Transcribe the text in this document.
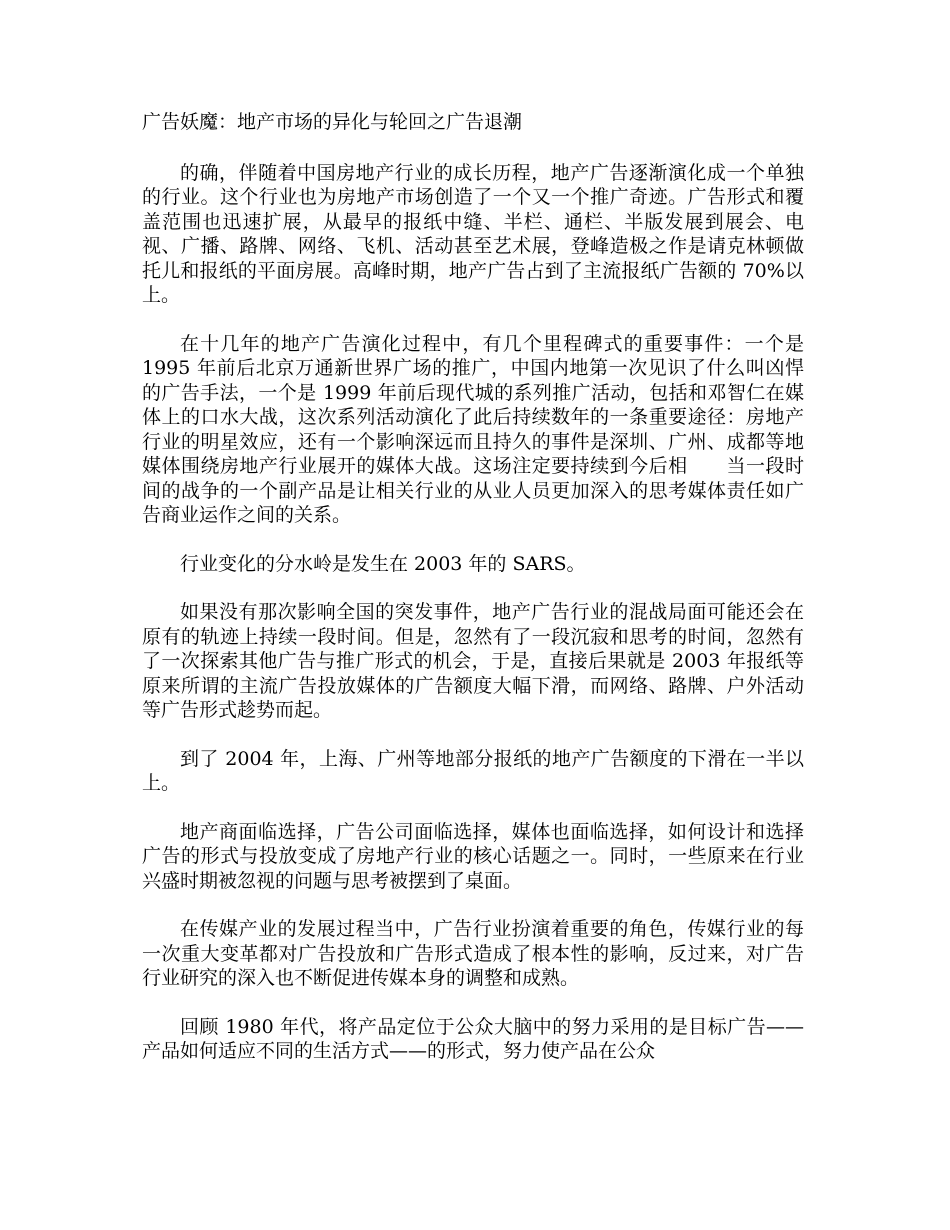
广告妖魔：地产市场的异化与轮回之广告退潮

的确，伴随着中国房地产行业的成长历程，地产广告逐渐演化成一个单独的行业。这个行业也为房地产市场创造了一个又一个推广奇迹。广告形式和覆盖范围也迅速扩展，从最早的报纸中缝、半栏、通栏、半版发展到展会、电视、广播、路牌、网络、飞机、活动甚至艺术展，登峰造极之作是请克林顿做托儿和报纸的平面房展。高峰时期，地产广告占到了主流报纸广告额的 70%以上。

在十几年的地产广告演化过程中，有几个里程碑式的重要事件：一个是 1995 年前后北京万通新世界广场的推广，中国内地第一次见识了什么叫凶悍的广告手法，一个是 1999 年前后现代城的系列推广活动，包括和邓智仁在媒体上的口水大战，这次系列活动演化了此后持续数年的一条重要途径：房地产行业的明星效应，还有一个影响深远而且持久的事件是深圳、广州、成都等地媒体围绕房地产行业展开的媒体大战。这场注定要持续到今后相　　当一段时间的战争的一个副产品是让相关行业的从业人员更加深入的思考媒体责任如广告商业运作之间的关系。

行业变化的分水岭是发生在 2003 年的 SARS。

如果没有那次影响全国的突发事件，地产广告行业的混战局面可能还会在原有的轨迹上持续一段时间。但是，忽然有了一段沉寂和思考的时间，忽然有了一次探索其他广告与推广形式的机会，于是，直接后果就是 2003 年报纸等原来所谓的主流广告投放媒体的广告额度大幅下滑，而网络、路牌、户外活动等广告形式趁势而起。

到了 2004 年，上海、广州等地部分报纸的地产广告额度的下滑在一半以上。

地产商面临选择，广告公司面临选择，媒体也面临选择，如何设计和选择广告的形式与投放变成了房地产行业的核心话题之一。同时，一些原来在行业兴盛时期被忽视的问题与思考被摆到了桌面。

在传媒产业的发展过程当中，广告行业扮演着重要的角色，传媒行业的每一次重大变革都对广告投放和广告形式造成了根本性的影响，反过来，对广告行业研究的深入也不断促进传媒本身的调整和成熟。

回顾 1980 年代，将产品定位于公众大脑中的努力采用的是目标广告——产品如何适应不同的生活方式——的形式，努力使产品在公众
